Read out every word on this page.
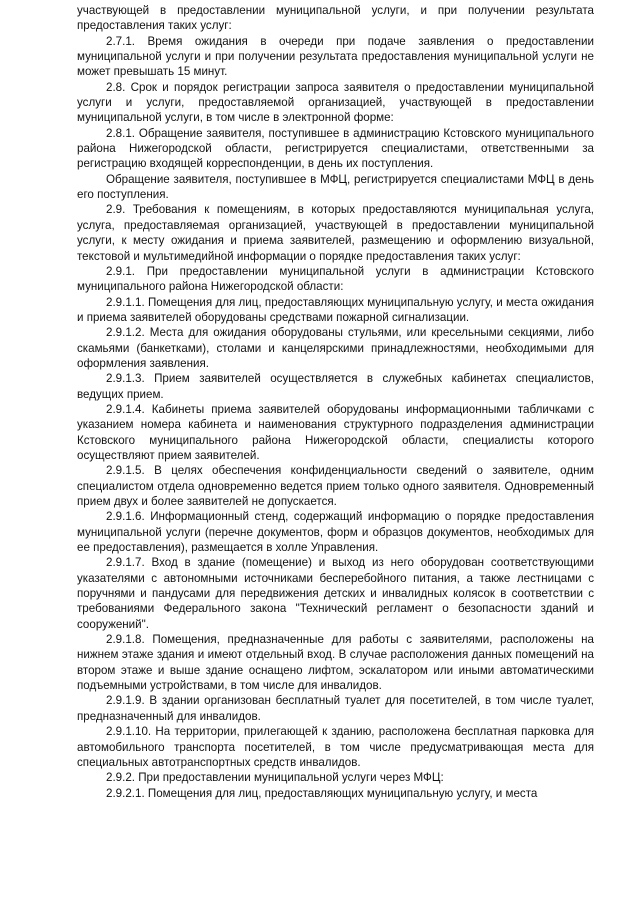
участвующей в предоставлении муниципальной услуги, и при получении результата предоставления таких услуг:

2.7.1. Время ожидания в очереди при подаче заявления о предоставлении муниципальной услуги и при получении результата предоставления муниципальной услуги не может превышать 15 минут.

2.8. Срок и порядок регистрации запроса заявителя о предоставлении муниципальной услуги и услуги, предоставляемой организацией, участвующей в предоставлении муниципальной услуги, в том числе в электронной форме:

2.8.1. Обращение заявителя, поступившее в администрацию Кстовского муниципального района Нижегородской области, регистрируется специалистами, ответственными за регистрацию входящей корреспонденции, в день их поступления.

Обращение заявителя, поступившее в МФЦ, регистрируется специалистами МФЦ в день его поступления.

2.9. Требования к помещениям, в которых предоставляются муниципальная услуга, услуга, предоставляемая организацией, участвующей в предоставлении муниципальной услуги, к месту ожидания и приема заявителей, размещению и оформлению визуальной, текстовой и мультимедийной информации о порядке предоставления таких услуг:

2.9.1. При предоставлении муниципальной услуги в администрации Кстовского муниципального района Нижегородской области:

2.9.1.1. Помещения для лиц, предоставляющих муниципальную услугу, и места ожидания и приема заявителей оборудованы средствами пожарной сигнализации.

2.9.1.2. Места для ожидания оборудованы стульями, или кресельными секциями, либо скамьями (банкетками), столами и канцелярскими принадлежностями, необходимыми для оформления заявления.

2.9.1.3. Прием заявителей осуществляется в служебных кабинетах специалистов, ведущих прием.

2.9.1.4. Кабинеты приема заявителей оборудованы информационными табличками с указанием номера кабинета и наименования структурного подразделения администрации Кстовского муниципального района Нижегородской области, специалисты которого осуществляют прием заявителей.

2.9.1.5. В целях обеспечения конфиденциальности сведений о заявителе, одним специалистом отдела одновременно ведется прием только одного заявителя. Одновременный прием двух и более заявителей не допускается.

2.9.1.6. Информационный стенд, содержащий информацию о порядке предоставления муниципальной услуги (перечне документов, форм и образцов документов, необходимых для ее предоставления), размещается в холле Управления.

2.9.1.7. Вход в здание (помещение) и выход из него оборудован соответствующими указателями с автономными источниками бесперебойного питания, а также лестницами с поручнями и пандусами для передвижения детских и инвалидных колясок в соответствии с требованиями Федерального закона "Технический регламент о безопасности зданий и сооружений".

2.9.1.8. Помещения, предназначенные для работы с заявителями, расположены на нижнем этаже здания и имеют отдельный вход. В случае расположения данных помещений на втором этаже и выше здание оснащено лифтом, эскалатором или иными автоматическими подъемными устройствами, в том числе для инвалидов.

2.9.1.9. В здании организован бесплатный туалет для посетителей, в том числе туалет, предназначенный для инвалидов.

2.9.1.10. На территории, прилегающей к зданию, расположена бесплатная парковка для автомобильного транспорта посетителей, в том числе предусматривающая места для специальных автотранспортных средств инвалидов.

2.9.2. При предоставлении муниципальной услуги через МФЦ:

2.9.2.1. Помещения для лиц, предоставляющих муниципальную услугу, и места
